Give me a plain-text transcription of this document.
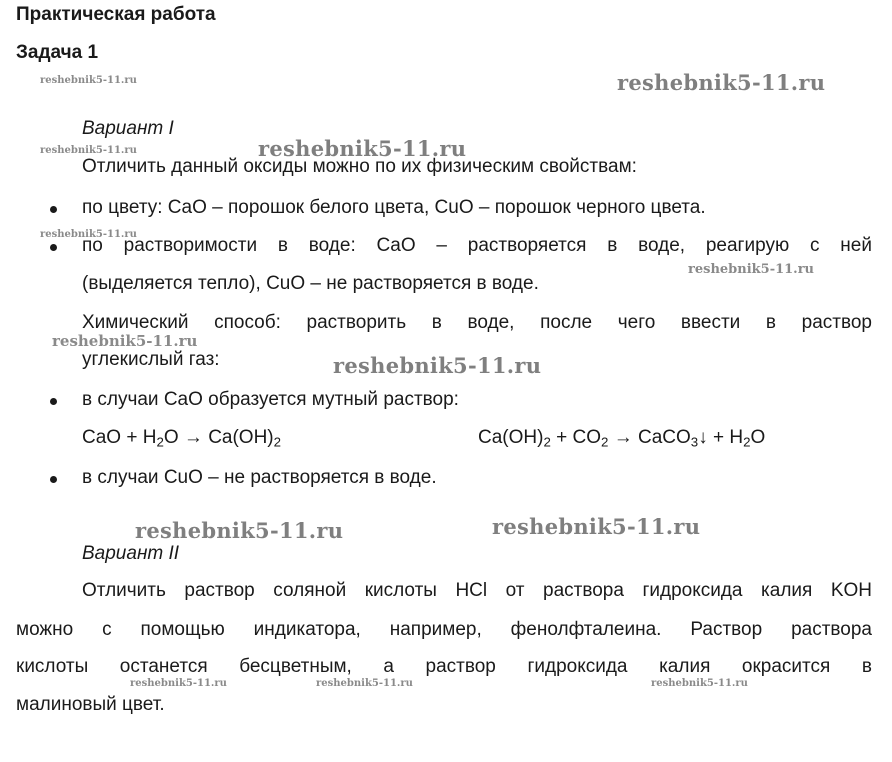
Практическая работа
Задача 1
Вариант I
Отличить данный оксиды можно по их физическим свойствам:
по цвету: CaO – порошок белого цвета, CuO – порошок черного цвета.
по растворимости в воде: CaO – растворяется в воде, реагирую с ней
(выделяется тепло), CuO – не растворяется в воде.
Химический способ: растворить в воде, после чего ввести в раствор
углекислый газ:
в случаи CaO образуется мутный раствор:
CaO + $H_2O \to Ca(OH)_2$	$Ca(OH)_2 + CO_2$ → CaCO$_3$↓ + $H_2O$
в случаи CuO – не растворяется в воде.
Вариант II
Отличить раствор соляной кислоты HCl от раствора гидроксида калия KOH
можно с помощью индикатора, например, фенолфталеина. Раствор раствора
кислоты останется бесцветным, а раствор гидроксида калия окрасится в
малиновый цвет.
reshebnik5-11.ru	reshebnik5-11.ru
reshebnik5-11.ru
reshebnik5-11.ru
reshebnik5-11.ru
reshebnik5-11.ru
reshebnik5-11.ru
reshebnik5-11.ru
reshebnik5-11.ru	reshebnik5-11.ru
reshebnik5-11.ru	reshebnik5-11.ru	reshebnik5-11.ru
